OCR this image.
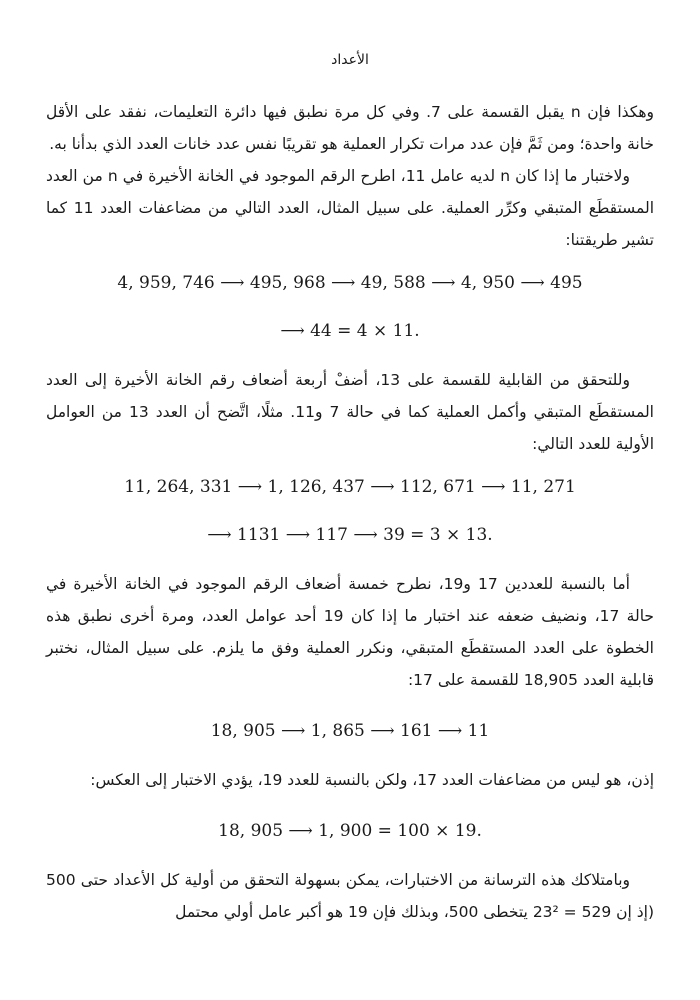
الأعداد

وهكذا فإن n يقبل القسمة على 7. وفي كل مرة نطبق فيها دائرة التعليمات، نفقد على الأقل خانة واحدة؛ ومن ثَمَّ فإن عدد مرات تكرار العملية هو تقريبًا نفس عدد خانات العدد الذي بدأنا به.

ولاختبار ما إذا كان n لديه عامل 11، اطرح الرقم الموجود في الخانة الأخيرة في n من العدد المستقطَع المتبقي وكرِّر العملية. على سبيل المثال، العدد التالي من مضاعفات العدد 11 كما تشير طريقتنا:

4, 959, 746 ⟶ 495, 968 ⟶ 49, 588 ⟶ 4, 950 ⟶ 495
⟶ 44 = 4 × 11.

وللتحقق من القابلية للقسمة على 13، أضفْ أربعة أضعاف رقم الخانة الأخيرة إلى العدد المستقطَع المتبقي وأكمل العملية كما في حالة 7 و11. مثلًا، اتَّضح أن العدد 13 من العوامل الأولية للعدد التالي:

11, 264, 331 ⟶ 1, 126, 437 ⟶ 112, 671 ⟶ 11, 271
⟶ 1131 ⟶ 117 ⟶ 39 = 3 × 13.

أما بالنسبة للعددين 17 و19، نطرح خمسة أضعاف الرقم الموجود في الخانة الأخيرة في حالة 17، ونضيف ضعفه عند اختبار ما إذا كان 19 أحد عوامل العدد، ومرة أخرى نطبق هذه الخطوة على العدد المستقطَع المتبقي، ونكرر العملية وفق ما يلزم. على سبيل المثال، نختبر قابلية العدد 18,905 للقسمة على 17:

18, 905 ⟶ 1, 865 ⟶ 161 ⟶ 11

إذن، هو ليس من مضاعفات العدد 17، ولكن بالنسبة للعدد 19، يؤدي الاختبار إلى العكس:

18, 905 ⟶ 1, 900 = 100 × 19.

وبامتلاكك هذه الترسانة من الاختبارات، يمكن بسهولة التحقق من أولية كل الأعداد حتى 500 (إذ إن 529 = 23² يتخطى 500، وبذلك فإن 19 هو أكبر عامل أولي محتمل
